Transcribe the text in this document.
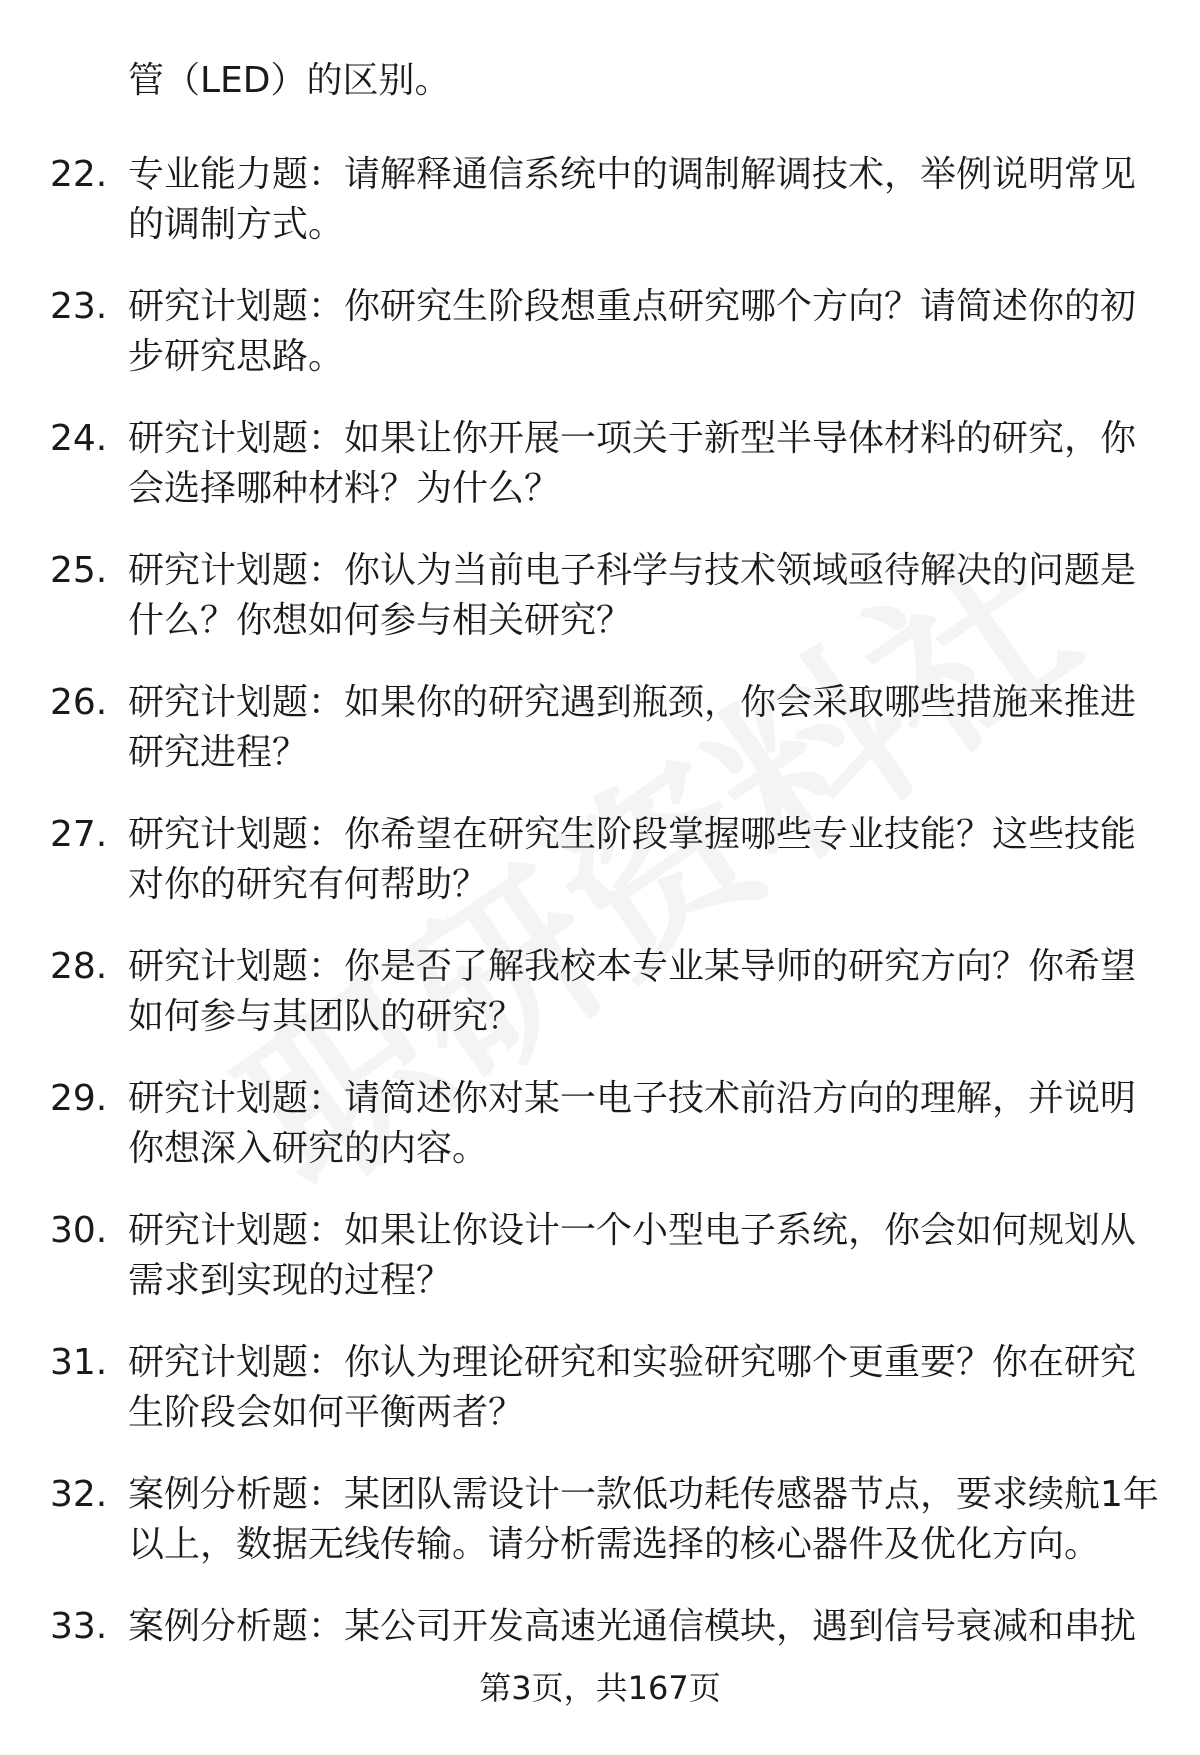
管（LED）的区别。
22. 专业能力题：请解释通信系统中的调制解调技术，举例说明常见
的调制方式。
23. 研究计划题：你研究生阶段想重点研究哪个方向？请简述你的初
步研究思路。
24. 研究计划题：如果让你开展一项关于新型半导体材料的研究，你
会选择哪种材料？为什么？
25. 研究计划题：你认为当前电子科学与技术领域亟待解决的问题是
什么？你想如何参与相关研究？
26. 研究计划题：如果你的研究遇到瓶颈，你会采取哪些措施来推进
研究进程？
27. 研究计划题：你希望在研究生阶段掌握哪些专业技能？这些技能
对你的研究有何帮助？
28. 研究计划题：你是否了解我校本专业某导师的研究方向？你希望
如何参与其团队的研究？
29. 研究计划题：请简述你对某一电子技术前沿方向的理解，并说明
你想深入研究的内容。
30. 研究计划题：如果让你设计一个小型电子系统，你会如何规划从
需求到实现的过程？
31. 研究计划题：你认为理论研究和实验研究哪个更重要？你在研究
生阶段会如何平衡两者？
32. 案例分析题：某团队需设计一款低功耗传感器节点，要求续航1年
以上，数据无线传输。请分析需选择的核心器件及优化方向。
33. 案例分析题：某公司开发高速光通信模块，遇到信号衰减和串扰
第3页，共167页
